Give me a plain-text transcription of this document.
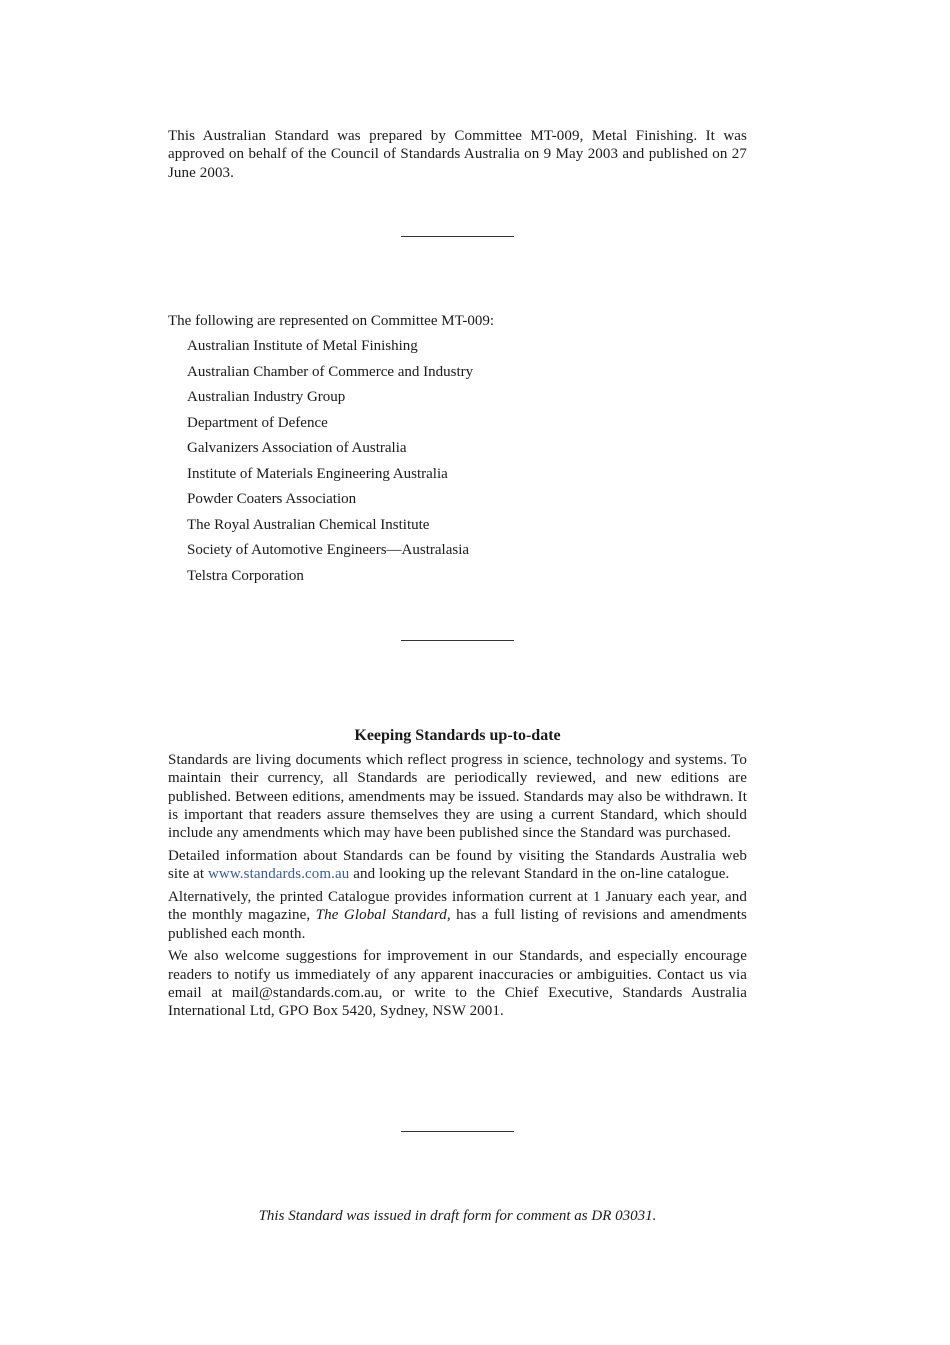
This Australian Standard was prepared by Committee MT-009, Metal Finishing. It was approved on behalf of the Council of Standards Australia on 9 May 2003 and published on 27 June 2003.

The following are represented on Committee MT-009:

Australian Institute of Metal Finishing
Australian Chamber of Commerce and Industry
Australian Industry Group
Department of Defence
Galvanizers Association of Australia
Institute of Materials Engineering Australia
Powder Coaters Association
The Royal Australian Chemical Institute
Society of Automotive Engineers—Australasia
Telstra Corporation
Keeping Standards up-to-date

Standards are living documents which reflect progress in science, technology and systems. To maintain their currency, all Standards are periodically reviewed, and new editions are published. Between editions, amendments may be issued. Standards may also be withdrawn. It is important that readers assure themselves they are using a current Standard, which should include any amendments which may have been published since the Standard was purchased.

Detailed information about Standards can be found by visiting the Standards Australia web site at www.standards.com.au and looking up the relevant Standard in the on-line catalogue.

Alternatively, the printed Catalogue provides information current at 1 January each year, and the monthly magazine, The Global Standard, has a full listing of revisions and amendments published each month.

We also welcome suggestions for improvement in our Standards, and especially encourage readers to notify us immediately of any apparent inaccuracies or ambiguities. Contact us via email at mail@standards.com.au, or write to the Chief Executive, Standards Australia International Ltd, GPO Box 5420, Sydney, NSW 2001.

This Standard was issued in draft form for comment as DR 03031.
